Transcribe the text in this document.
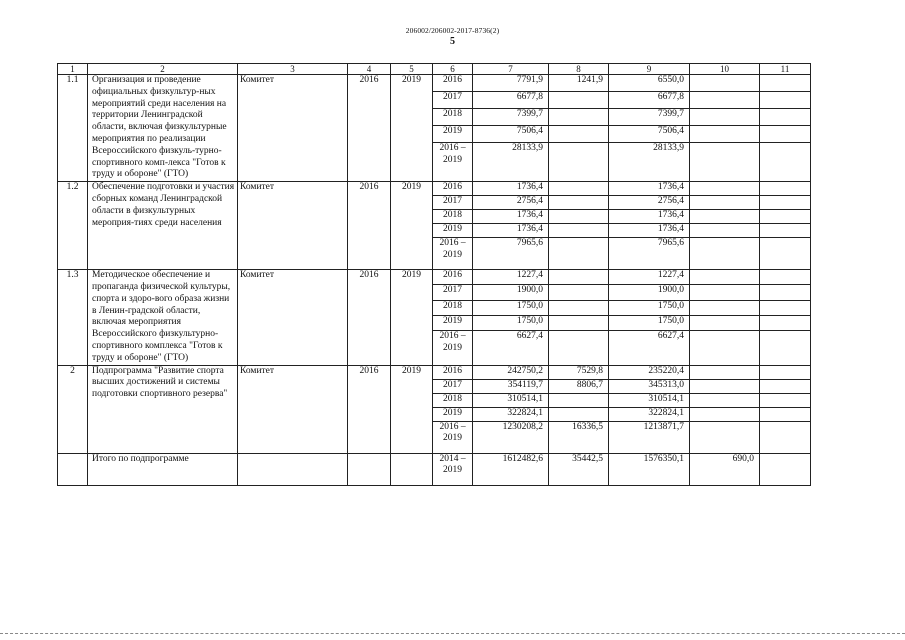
206002/206002-2017-8736(2)
5
1	2	3	4	5	6	7	8	9	10	11
1.1	Организация и проведение официальных физкультур-ных мероприятий среди населения на территории Ленинградской области, включая физкультурные мероприятия по реализации Всероссийского физкуль-турно-спортивного комп-лекса "Готов к труду и обороне" (ГТО)	Комитет	2016	2019	2016	7791,9	1241,9	6550,0		
					2017	6677,8		6677,8		
					2018	7399,7		7399,7		
					2019	7506,4		7506,4		
					2016 – 2019	28133,9		28133,9		
1.2	Обеспечение подготовки и участия сборных команд Ленинградской области в физкультурных мероприя-тиях среди населения	Комитет	2016	2019	2016	1736,4		1736,4		
					2017	2756,4		2756,4		
					2018	1736,4		1736,4		
					2019	1736,4		1736,4		
					2016 – 2019	7965,6		7965,6		
1.3	Методическое обеспечение и пропаганда физической культуры, спорта и здоро-вого образа жизни в Ленин-градской области, включая мероприятия Всероссийского физкультурно-спортивного комплекса "Готов к труду и обороне" (ГТО)	Комитет	2016	2019	2016	1227,4		1227,4		
					2017	1900,0		1900,0		
					2018	1750,0		1750,0		
					2019	1750,0		1750,0		
					2016 – 2019	6627,4		6627,4		
2	Подпрограмма "Развитие спорта высших достижений и системы подготовки спортивного резерва"	Комитет	2016	2019	2016	242750,2	7529,8	235220,4		
					2017	354119,7	8806,7	345313,0		
					2018	310514,1		310514,1		
					2019	322824,1		322824,1		
					2016 – 2019	1230208,2	16336,5	1213871,7		
	Итого по подпрограмме				2014 – 2019	1612482,6	35442,5	1576350,1	690,0	
